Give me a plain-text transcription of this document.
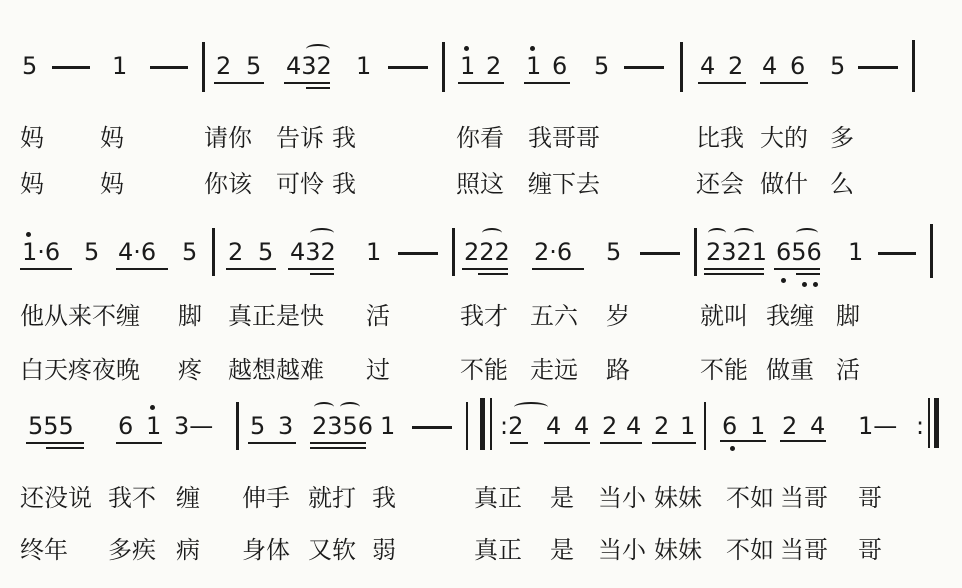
5	1	2 5 432 1	1 2 1 6 5	4 2 4 6 5
妈 妈	请你 告诉 我	你看 我哥哥	比我 大的 多
妈 妈	你该 可怜 我	照这 缠下去	还会 做什 么
1·6 5 4·6 5 2 5 432 1	222 2·6 5	2321 656 1
他从来不缠 脚 真正是快 活	我才 五六 岁	就叫 我缠 脚
白天疼夜晚 疼 越想越难 过	不能 走远 路	不能 做重 活
555 6 1 3— 5 3 2356 1	:2 4 4 2 4 2 1 6 1 2 4 1— :
还没说 我不 缠 伸手 就打 我	真正 是 当小 妹妹 不如 当哥 哥
终年 多疾 病 身体 又软 弱	真正 是 当小 妹妹 不如 当哥 哥
